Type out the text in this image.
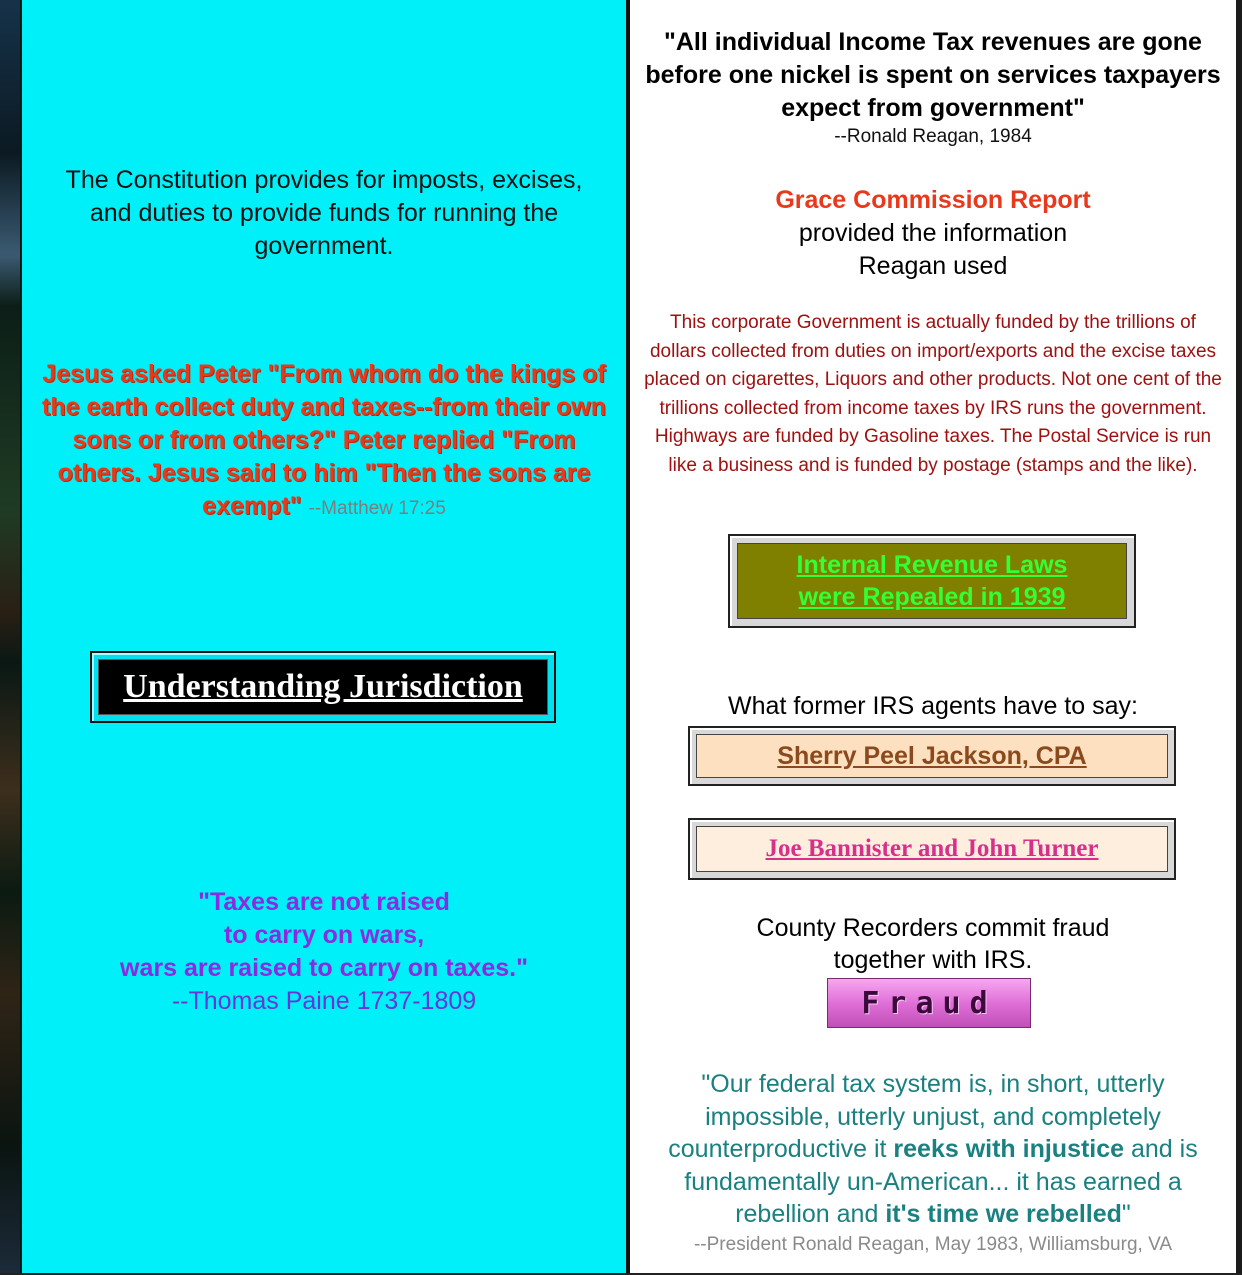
The Constitution provides for imposts, excises, and duties to provide funds for running the government.
Jesus asked Peter "From whom do the kings of the earth collect duty and taxes--from their own sons or from others?" Peter replied "From others. Jesus said to him "Then the sons are exempt" --Matthew 17:25
Understanding Jurisdiction
"Taxes are not raised
to carry on wars,
wars are raised to carry on taxes."
--Thomas Paine 1737-1809
"All individual Income Tax revenues are gone before one nickel is spent on services taxpayers expect from government"
--Ronald Reagan, 1984
Grace Commission Report
provided the information
Reagan used
This corporate Government is actually funded by the trillions of dollars collected from duties on import/exports and the excise taxes placed on cigarettes, Liquors and other products. Not one cent of the trillions collected from income taxes by IRS runs the government. Highways are funded by Gasoline taxes. The Postal Service is run like a business and is funded by postage (stamps and the like).
Internal Revenue Laws
were Repealed in 1939
What former IRS agents have to say:
Sherry Peel Jackson, CPA
Joe Bannister and John Turner
County Recorders commit fraud
together with IRS.
Fraud
"Our federal tax system is, in short, utterly impossible, utterly unjust, and completely counterproductive it reeks with injustice and is fundamentally un-American... it has earned a rebellion and it's time we rebelled"
--President Ronald Reagan, May 1983, Williamsburg, VA
